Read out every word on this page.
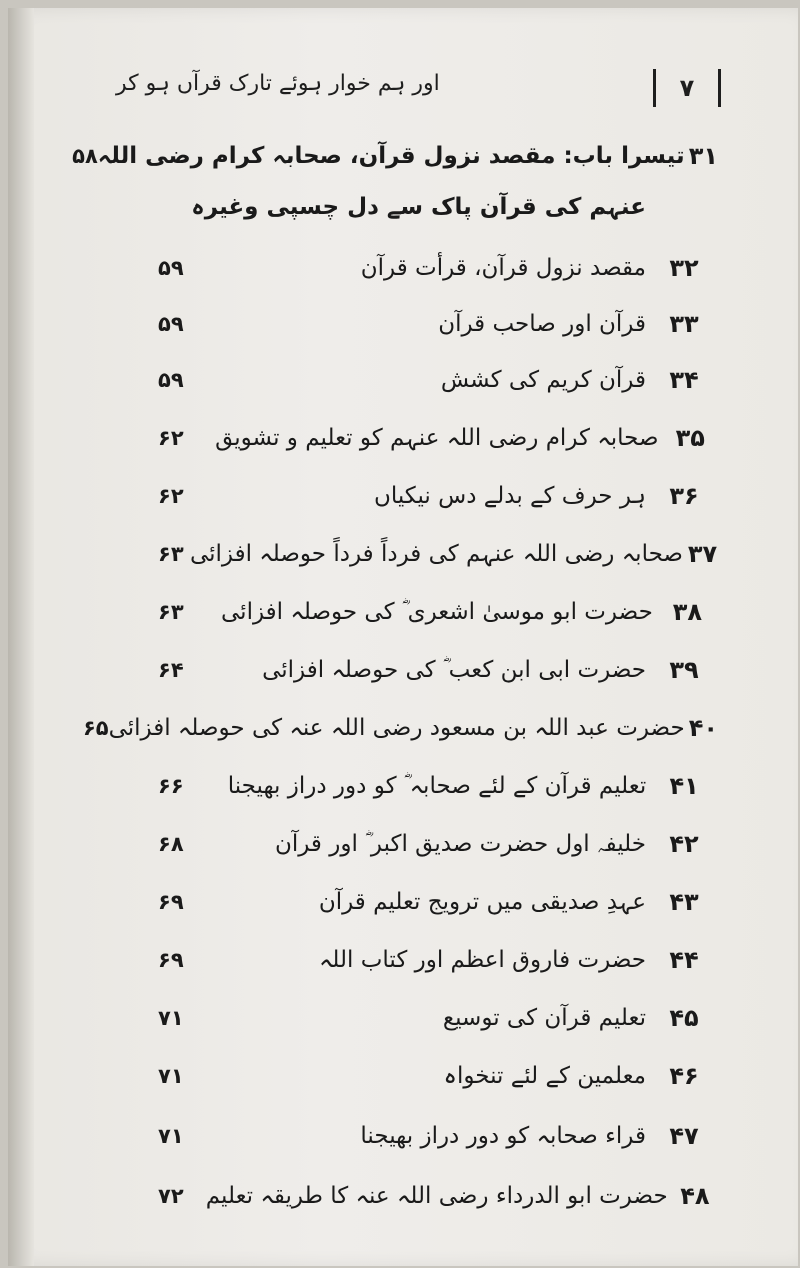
۷
اور ہم خوار ہوئے تارک قرآں ہو کر
۳۱
تیسرا باب: مقصد نزول قرآن، صحابہ کرام رضی اللہ
۵۸
عنہم کی قرآن پاک سے دل چسپی وغیرہ
۳۲
مقصد نزول قرآن، قرأت قرآن
۵۹
۳۳
قرآن اور صاحب قرآن
۵۹
۳۴
قرآن کریم کی کشش
۵۹
۳۵
صحابہ کرام رضی اللہ عنہم کو تعلیم و تشویق
۶۲
۳۶
ہر حرف کے بدلے دس نیکیاں
۶۲
۳۷
صحابہ رضی اللہ عنہم کی فرداً فرداً حوصلہ افزائی
۶۳
۳۸
حضرت ابو موسیٰ اشعری ؓ کی حوصلہ افزائی
۶۳
۳۹
حضرت ابی ابن کعب ؓ کی حوصلہ افزائی
۶۴
۴۰
حضرت عبد اللہ بن مسعود رضی اللہ عنہ کی حوصلہ افزائی
۶۵
۴۱
تعلیم قرآن کے لئے صحابہ ؓ کو دور دراز بھیجنا
۶۶
۴۲
خلیفہ اول حضرت صدیق اکبر ؓ اور قرآن
۶۸
۴۳
عہدِ صدیقی میں ترویج تعلیم قرآن
۶۹
۴۴
حضرت فاروق اعظم اور کتاب اللہ
۶۹
۴۵
تعلیم قرآن کی توسیع
۷۱
۴۶
معلمین کے لئے تنخواہ
۷۱
۴۷
قراء صحابہ کو دور دراز بھیجنا
۷۱
۴۸
حضرت ابو الدرداء رضی اللہ عنہ کا طریقہ تعلیم
۷۲
